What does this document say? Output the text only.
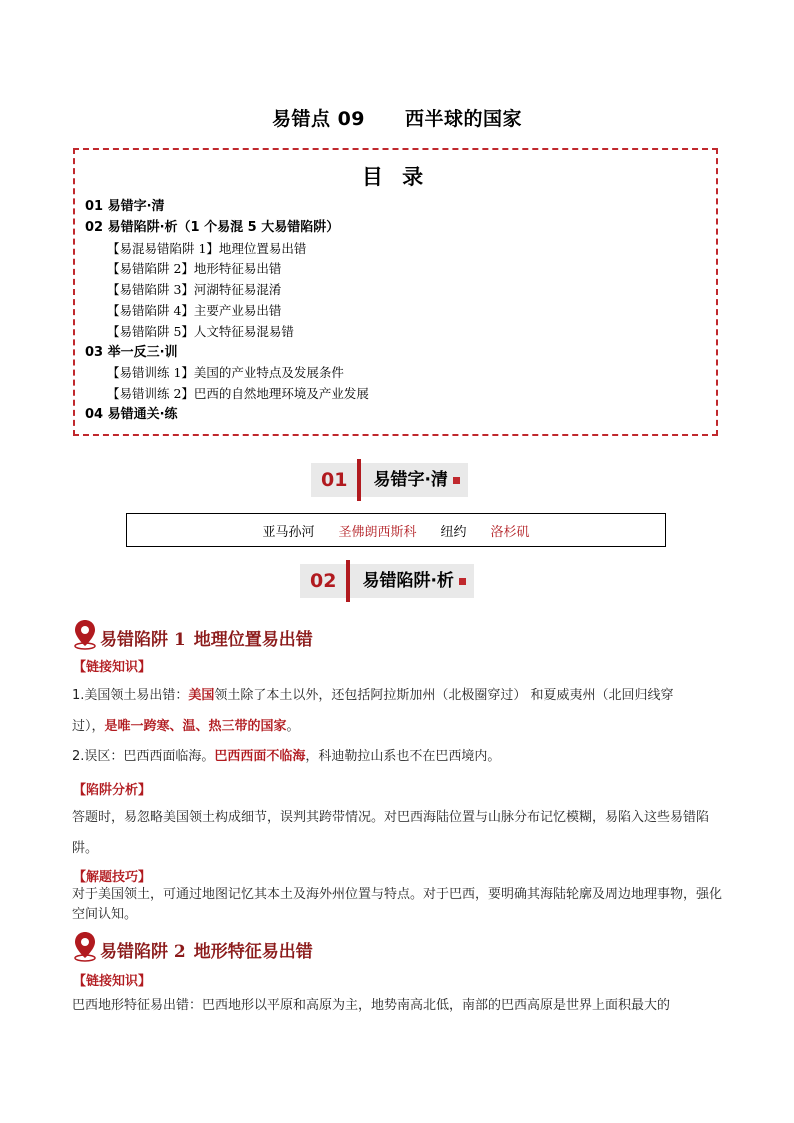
易错点 09 西半球的国家
目 录
01 易错字·清
02 易错陷阱·析（1 个易混 5 大易错陷阱）
【易混易错陷阱 1】地理位置易出错
【易错陷阱 2】地形特征易出错
【易错陷阱 3】河湖特征易混淆
【易错陷阱 4】主要产业易出错
【易错陷阱 5】人文特征易混易错
03 举一反三·训
【易错训练 1】美国的产业特点及发展条件
【易错训练 2】巴西的自然地理环境及产业发展
04 易错通关·练
01	易错字·清
亚马孙河 圣佛朗西斯科 纽约 洛杉矶
02	易错陷阱·析
易错陷阱 1 地理位置易出错
【链接知识】
1.美国领土易出错：美国领土除了本土以外，还包括阿拉斯加州（北极圈穿过） 和夏威夷州（北回归线穿
过），是唯一跨寒、温、热三带的国家。
2.误区：巴西西面临海。巴西西面不临海，科迪勒拉山系也不在巴西境内。
【陷阱分析】
答题时，易忽略美国领土构成细节，误判其跨带情况。对巴西海陆位置与山脉分布记忆模糊，易陷入这些易错陷阱。
【解题技巧】
对于美国领土，可通过地图记忆其本土及海外州位置与特点。对于巴西，要明确其海陆轮廓及周边地理事物，强化空间认知。
易错陷阱 2 地形特征易出错
【链接知识】
巴西地形特征易出错：巴西地形以平原和高原为主，地势南高北低，南部的巴西高原是世界上面积最大的
